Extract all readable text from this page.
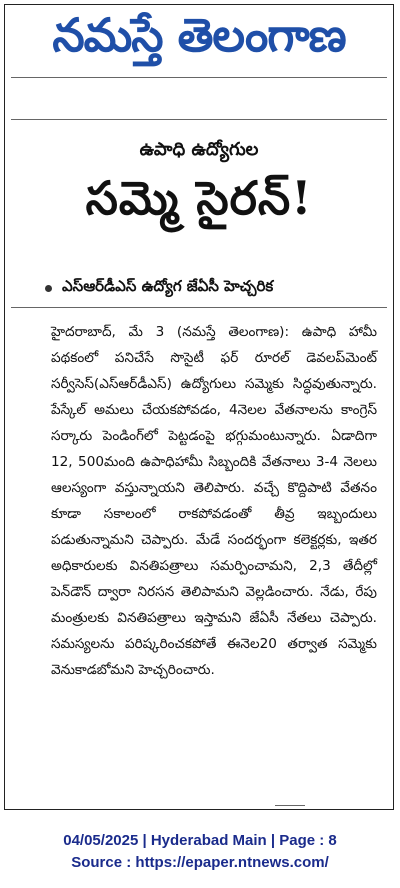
నమస్తే తెలంగాణ
ఉపాధి ఉద్యోగుల
సమ్మె సైరన్!
ఎస్ఆర్‌డీఎస్ ఉద్యోగ జేఏసీ హెచ్చరిక

హైదరాబాద్, మే 3 (నమస్తే తెలంగాణ): ఉపాధి హామీ పథకంలో పనిచేసే సొసైటీ ఫర్ రూరల్ డెవలప్‌మెంట్ సర్వీసెస్(ఎస్ఆర్‌డీఎస్) ఉద్యోగులు సమ్మెకు సిద్ధవుతున్నారు. పేస్కేల్ అమలు చేయకపోవడం, 4నెలల వేతనాలను కాంగ్రెస్ సర్కారు పెండింగ్‌లో పెట్టడంపై భగ్గుమంటున్నారు. ఏడాదిగా 12, 500మంది ఉపాధిహామీ సిబ్బందికి వేతనాలు 3-4 నెలలు ఆలస్యంగా వస్తున్నాయని తెలిపారు. వచ్చే కొద్దిపాటి వేతనం కూడా సకాలంలో రాకపోవడంతో తీవ్ర ఇబ్బందులు పడుతున్నామని చెప్పారు. మేడే సందర్భంగా కలెక్టర్లకు, ఇతర అధికారులకు వినతిపత్రాలు సమర్పించామని, 2,3 తేదీల్లో పెన్‌డౌన్ ద్వారా నిరసన తెలిపామని వెల్లడించారు. నేడు, రేపు మంత్రులకు వినతిపత్రాలు ఇస్తామని జేఏసీ నేతలు చెప్పారు. సమస్యలను పరిష్కరించకపోతే ఈనెల20 తర్వాత సమ్మెకు వెనుకాడబోమని హెచ్చరించారు.

04/05/2025 | Hyderabad Main | Page : 8
Source : https://epaper.ntnews.com/
